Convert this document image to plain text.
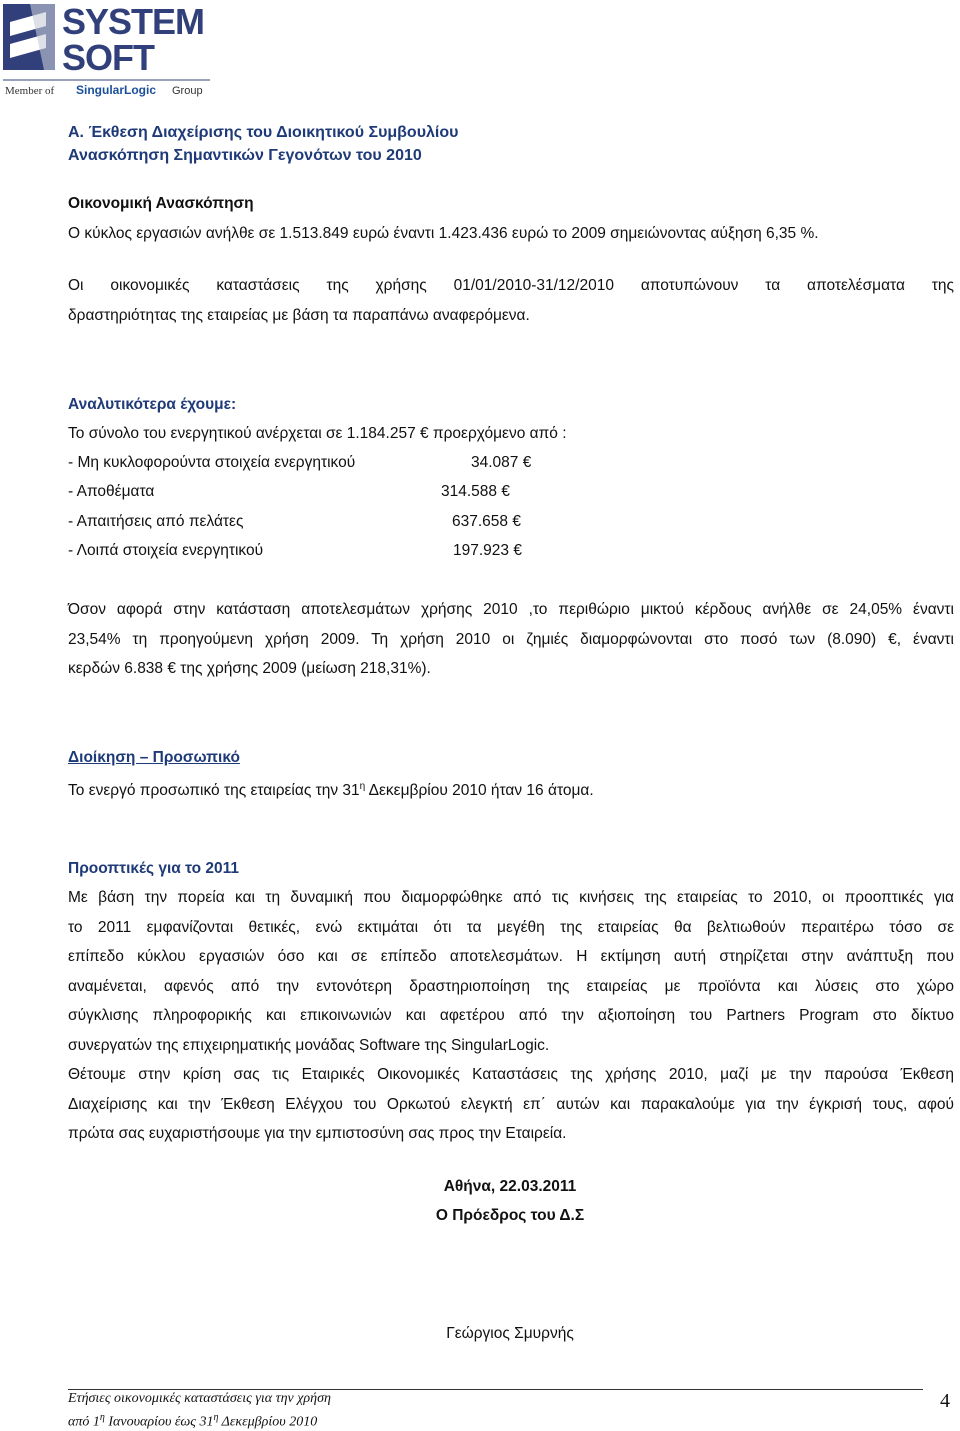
SYSTEM
SOFT
Member of SingularLogic Group
Α. Έκθεση Διαχείρισης του Διοικητικού Συμβουλίου
Ανασκόπηση Σημαντικών Γεγονότων του 2010
Οικονομική Ανασκόπηση
Ο κύκλος εργασιών ανήλθε σε 1.513.849 ευρώ έναντι 1.423.436 ευρώ το 2009 σημειώνοντας αύξηση 6,35 %.
Οι οικονομικές καταστάσεις της χρήσης 01/01/2010-31/12/2010 αποτυπώνουν τα αποτελέσματα της
δραστηριότητας της εταιρείας με βάση τα παραπάνω αναφερόμενα.
Αναλυτικότερα έχουμε:
Το σύνολο του ενεργητικού ανέρχεται σε 1.184.257 € προερχόμενο από :
- Μη κυκλοφορούντα στοιχεία ενεργητικού	34.087 €
- Αποθέματα	314.588 €
- Απαιτήσεις από πελάτες	637.658 €
- Λοιπά στοιχεία ενεργητικού	197.923 €
Όσον αφορά στην κατάσταση αποτελεσμάτων χρήσης 2010 ,το περιθώριο μικτού κέρδους ανήλθε σε 24,05% έναντι
23,54% τη προηγούμενη χρήση 2009. Τη χρήση 2010 οι ζημιές διαμορφώνονται στο ποσό των (8.090) €, έναντι
κερδών 6.838 € της χρήσης 2009 (μείωση 218,31%).
Διοίκηση – Προσωπικό
Το ενεργό προσωπικό της εταιρείας την $31^\eta$ Δεκεμβρίου 2010 ήταν 16 άτομα.
Προοπτικές για το 2011
Με βάση την πορεία και τη δυναμική που διαμορφώθηκε από τις κινήσεις της εταιρείας το 2010, οι προοπτικές για
το 2011 εμφανίζονται θετικές, ενώ εκτιμάται ότι τα μεγέθη της εταιρείας θα βελτιωθούν περαιτέρω τόσο σε
επίπεδο κύκλου εργασιών όσο και σε επίπεδο αποτελεσμάτων. Η εκτίμηση αυτή στηρίζεται στην ανάπτυξη που
αναμένεται, αφενός από την εντονότερη δραστηριοποίηση της εταιρείας με προϊόντα και λύσεις στο χώρο
σύγκλισης πληροφορικής και επικοινωνιών και αφετέρου από την αξιοποίηση του Partners Program στο δίκτυο
συνεργατών της επιχειρηματικής μονάδας Software της SingularLogic.
Θέτουμε στην κρίση σας τις Εταιρικές Οικονομικές Καταστάσεις της χρήσης 2010, μαζί με την παρούσα Έκθεση
Διαχείρισης και την Έκθεση Ελέγχου του Ορκωτού ελεγκτή επ΄ αυτών και παρακαλούμε για την έγκρισή τους, αφού
πρώτα σας ευχαριστήσουμε για την εμπιστοσύνη σας προς την Εταιρεία.
Αθήνα, 22.03.2011
Ο Πρόεδρος του Δ.Σ
Γεώργιος Σμυρνής
Ετήσιες οικονομικές καταστάσεις για την χρήση
από $1^\eta$ Ιανουαρίου έως $31^\eta$ Δεκεμβρίου 2010
4
